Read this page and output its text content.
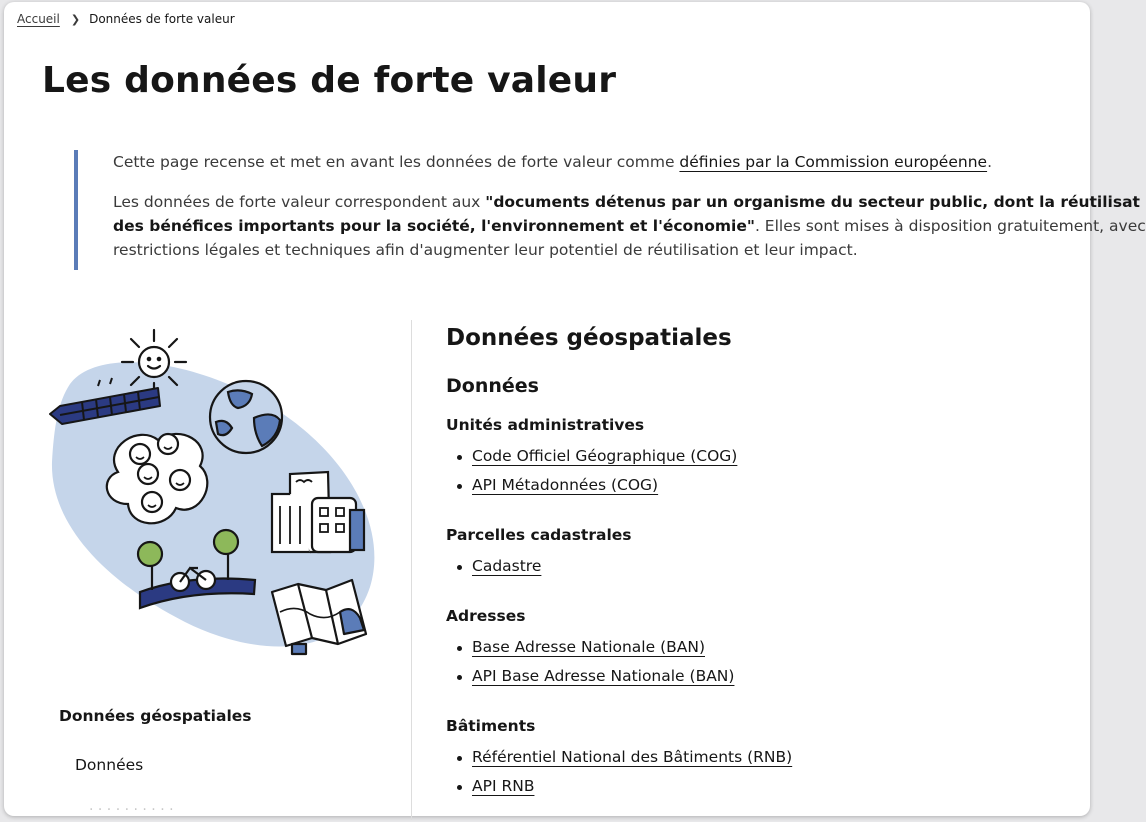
Accueil ❯ Données de forte valeur
Les données de forte valeur

Cette page recense et met en avant les données de forte valeur comme définies par la Commission européenne.

Les données de forte valeur correspondent aux "documents détenus par un organisme du secteur public, dont la réutilisat
des bénéfices importants pour la société, l'environnement et l'économie". Elles sont mises à disposition gratuitement, avec
restrictions légales et techniques afin d'augmenter leur potentiel de réutilisation et leur impact.

Données géospatiales
Données
· · · · · · · · · ·
Données géospatiales
Données
Unités administratives
Code Officiel Géographique (COG)
API Métadonnées (COG)
Parcelles cadastrales
Cadastre
Adresses
Base Adresse Nationale (BAN)
API Base Adresse Nationale (BAN)
Bâtiments
Référentiel National des Bâtiments (RNB)
API RNB
